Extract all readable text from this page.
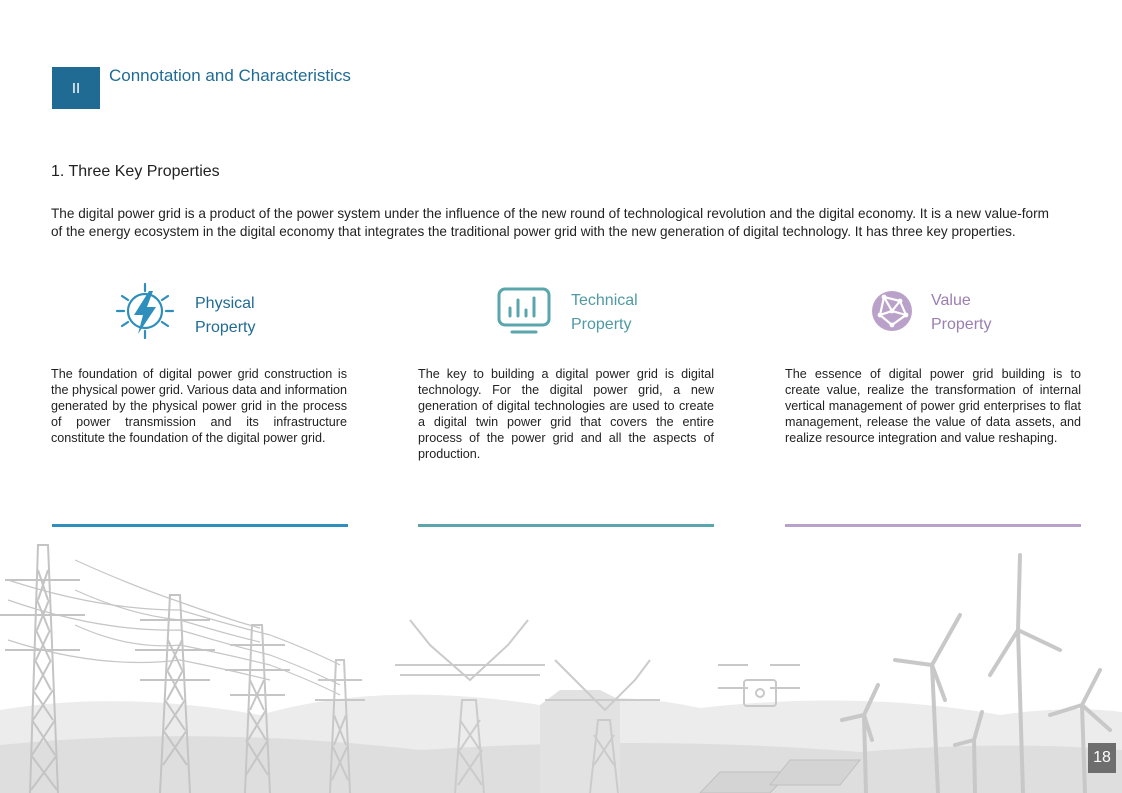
II
Connotation and Characteristics
1. Three Key Properties
The digital power grid is a product of the power system under the influence of the new round of technological revolution and the digital economy. It is a new value-form of the energy ecosystem in the digital economy that integrates the traditional power grid with the new generation of digital technology. It has three key properties.
Physical
Property
The foundation of digital power grid construction is the physical power grid. Various data and information generated by the physical power grid in the process of power transmission and its infrastructure constitute the foundation of the digital power grid.
Technical
Property
The key to building a digital power grid is digital technology. For the digital power grid, a new generation of digital technologies are used to create a digital twin power grid that covers the entire process of the power grid and all the aspects of production.
Value
Property
The essence of digital power grid building is to create value, realize the transformation of internal vertical management of power grid enterprises to flat management, release the value of data assets, and realize resource integration and value reshaping.
18
